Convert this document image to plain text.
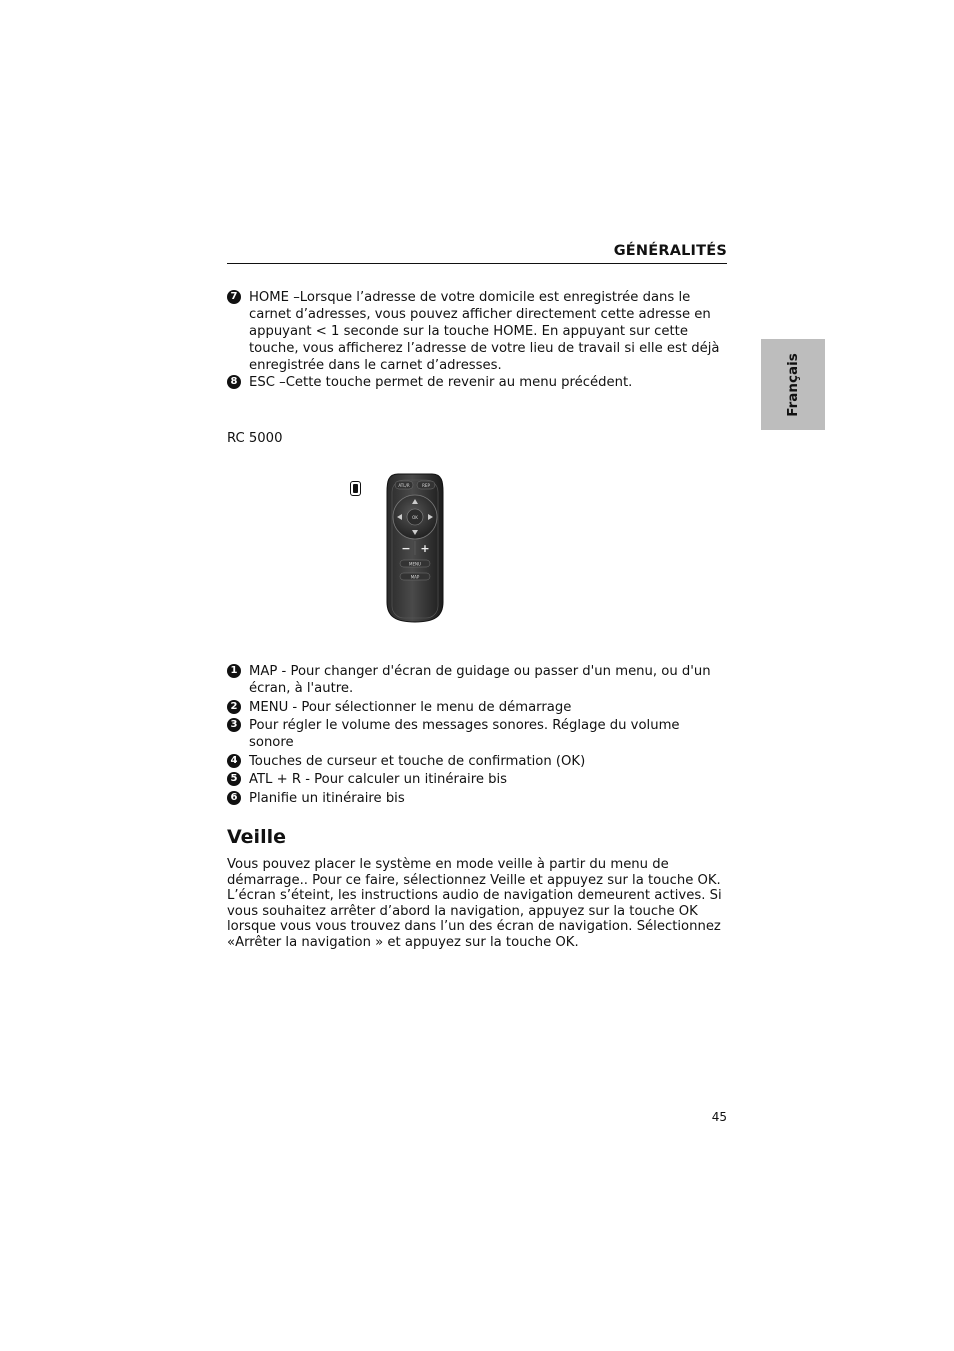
GÉNÉRALITÉS
Français
7 HOME –Lorsque l’adresse de votre domicile est enregistrée dans le carnet d’adresses, vous pouvez afficher directement cette adresse en appuyant < 1 seconde sur la touche HOME. En appuyant sur cette touche, vous afficherez l’adresse de votre lieu de travail si elle est déjà enregistrée dans le carnet d’adresses.
8 ESC –Cette touche permet de revenir au menu précédent.
RC 5000
ATL/R	REP
OK
− +
MENU
MAP
1 MAP - Pour changer d'écran de guidage ou passer d'un menu, ou d'un écran, à l'autre.
2 MENU - Pour sélectionner le menu de démarrage
3 Pour régler le volume des messages sonores. Réglage du volume sonore
4 Touches de curseur et touche de confirmation (OK)
5 ATL + R - Pour calculer un itinéraire bis
6 Planifie un itinéraire bis
Veille
Vous pouvez placer le système en mode veille à partir du menu de démarrage.. Pour ce faire, sélectionnez Veille et appuyez sur la touche OK. L’écran s’éteint, les instructions audio de navigation demeurent actives. Si vous souhaitez arrêter d’abord la navigation, appuyez sur la touche OK lorsque vous vous trouvez dans l’un des écran de navigation. Sélectionnez «Arrêter la navigation » et appuyez sur la touche OK.
45
